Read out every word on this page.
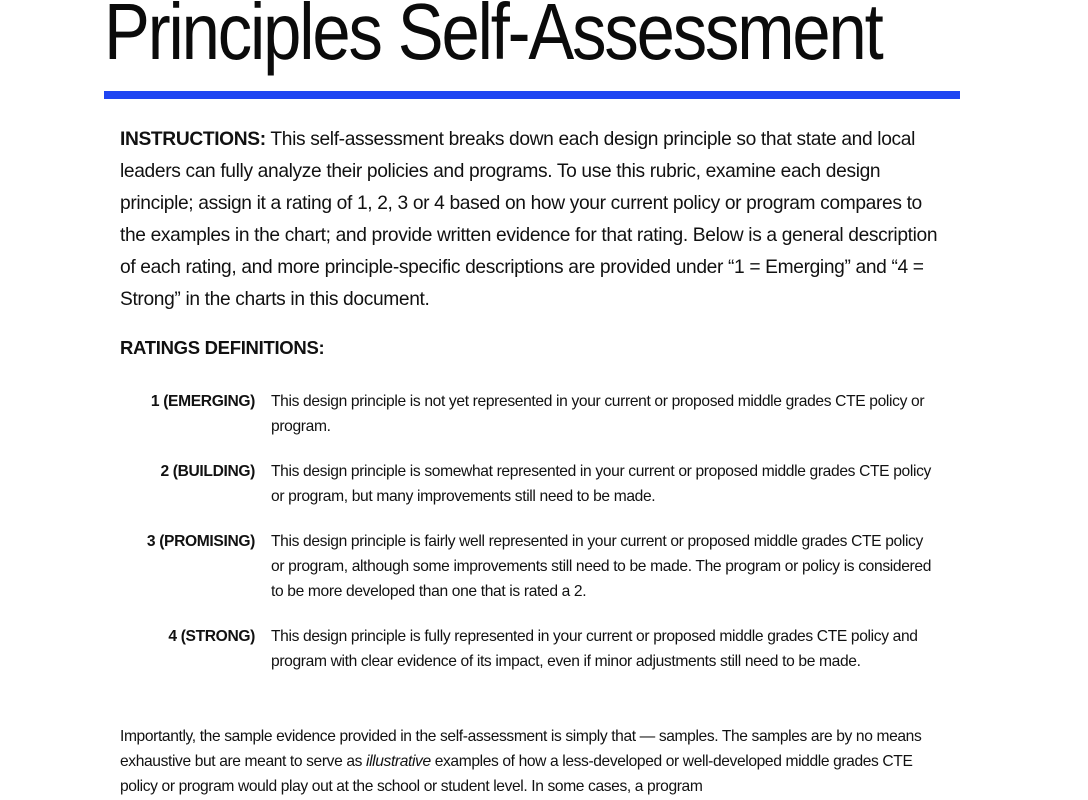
Principles Self-Assessment

INSTRUCTIONS: This self-assessment breaks down each design principle so that state and local leaders can fully analyze their policies and programs. To use this rubric, examine each design principle; assign it a rating of 1, 2, 3 or 4 based on how your current policy or program compares to the examples in the chart; and provide written evidence for that rating. Below is a general description of each rating, and more principle-specific descriptions are provided under “1 = Emerging” and “4 = Strong” in the charts in this document.

RATINGS DEFINITIONS:
1 (EMERGING) This design principle is not yet represented in your current or proposed middle grades CTE policy or program.
2 (BUILDING) This design principle is somewhat represented in your current or proposed middle grades CTE policy or program, but many improvements still need to be made.
3 (PROMISING) This design principle is fairly well represented in your current or proposed middle grades CTE policy or program, although some improvements still need to be made. The program or policy is considered to be more developed than one that is rated a 2.
4 (STRONG) This design principle is fully represented in your current or proposed middle grades CTE policy and program with clear evidence of its impact, even if minor adjustments still need to be made.

Importantly, the sample evidence provided in the self-assessment is simply that — samples. The samples are by no means exhaustive but are meant to serve as illustrative examples of how a less-developed or well-developed middle grades CTE policy or program would play out at the school or student level. In some cases, a program
